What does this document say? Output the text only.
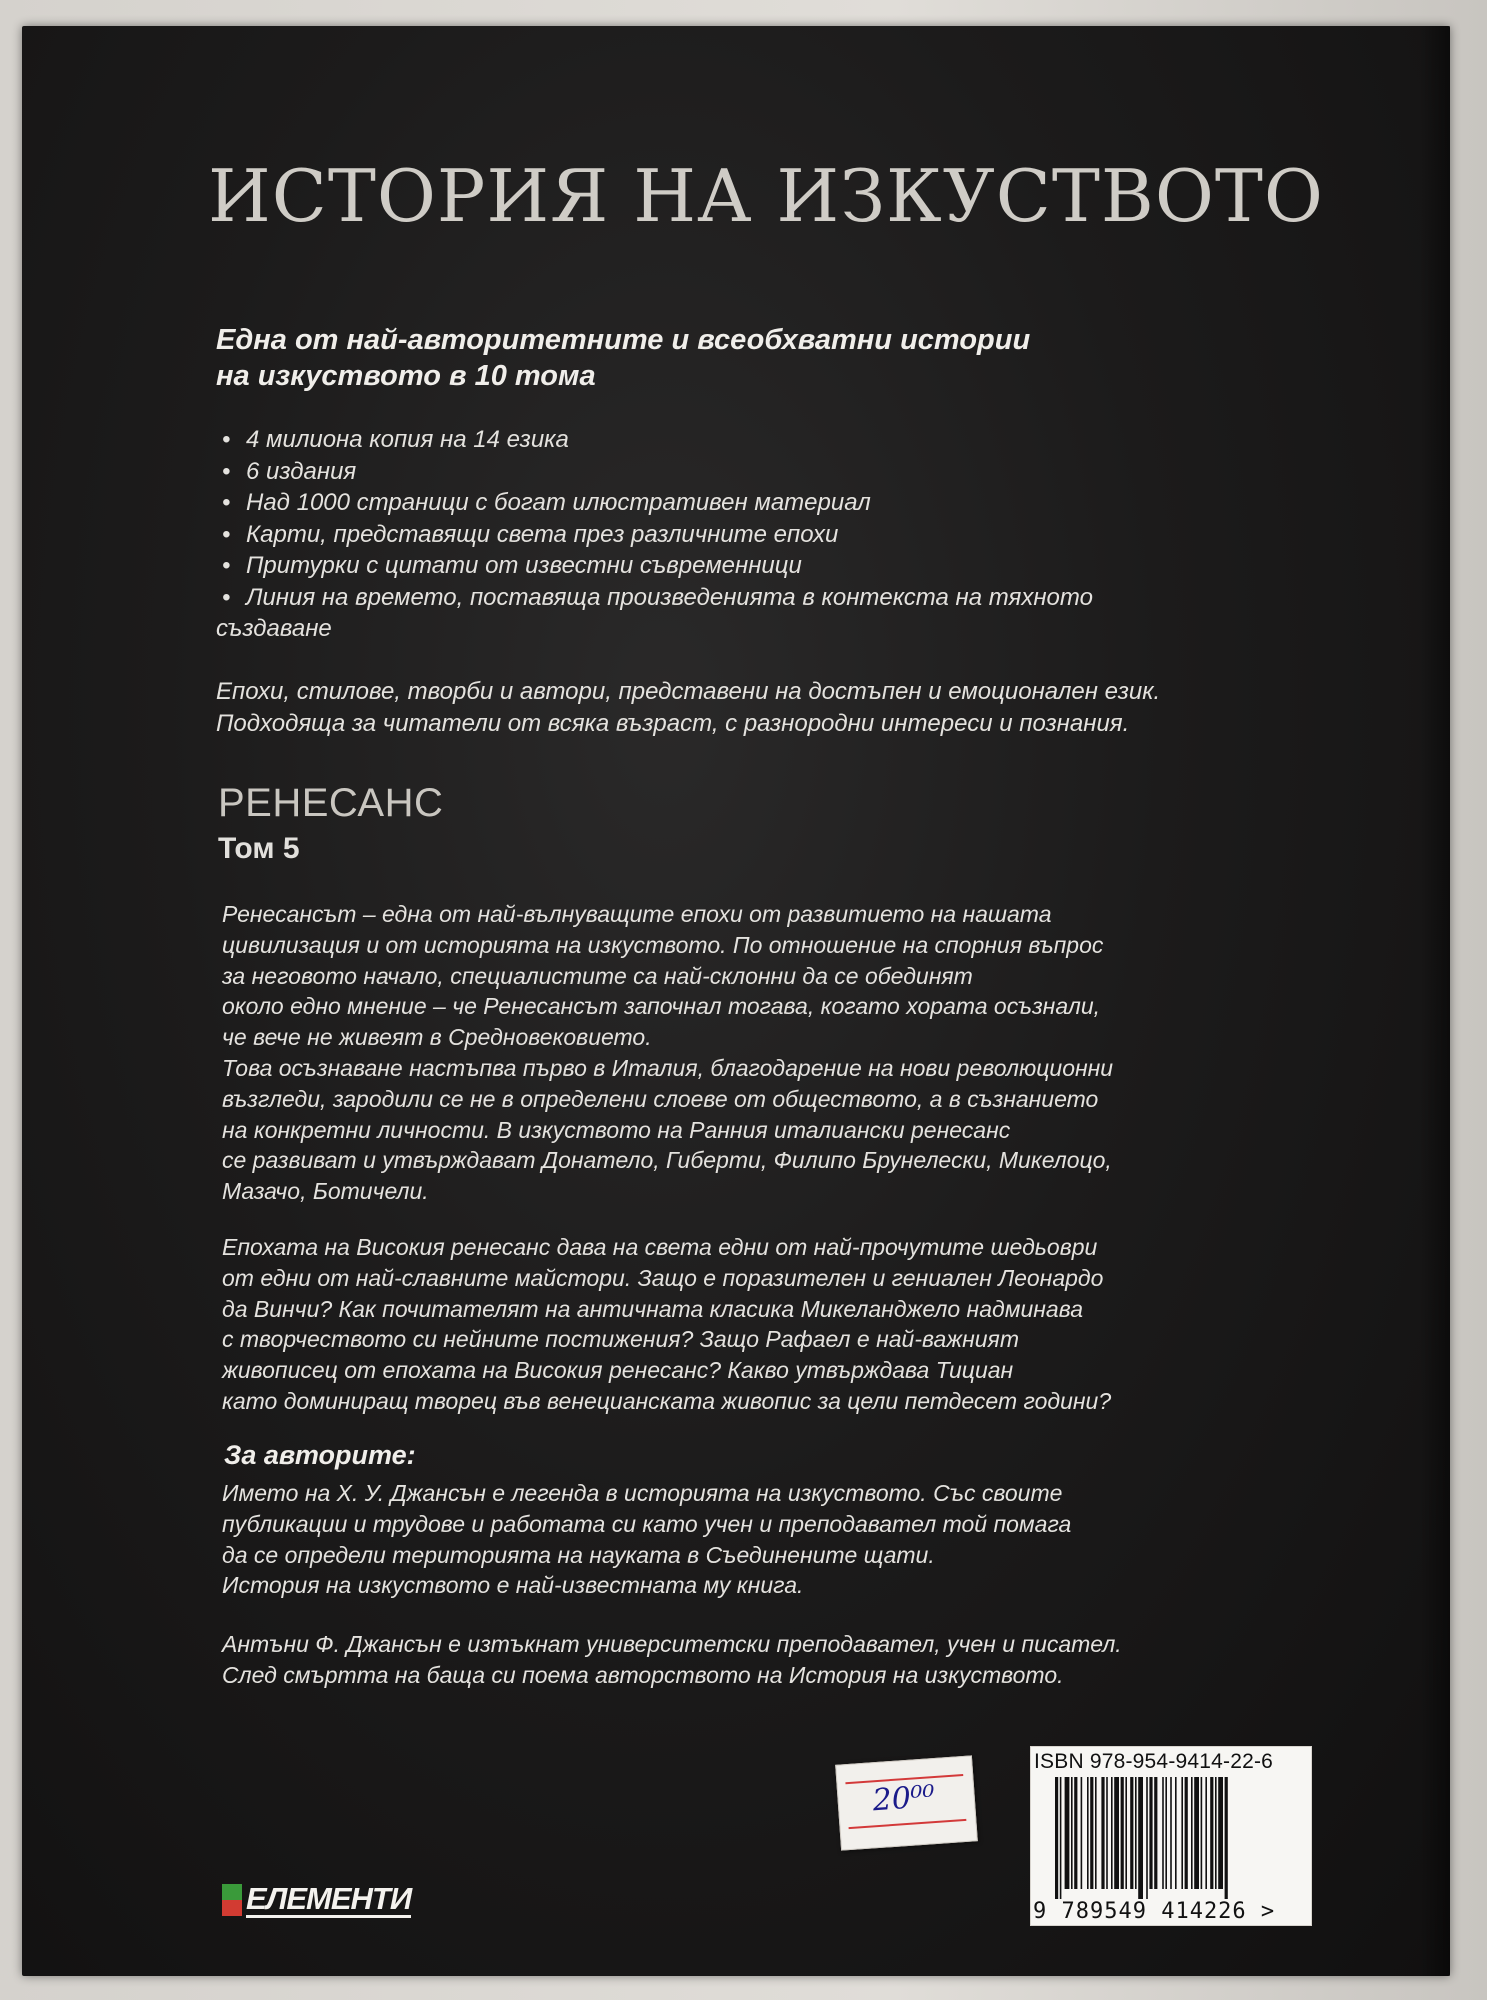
ИСТОРИЯ НА ИЗКУСТВОТО

Една от най-авторитетните и всеобхватни истории
на изкуството в 10 тома

• 4 милиона копия на 14 езика
• 6 издания
• Над 1000 страници с богат илюстративен материал
• Карти, представящи света през различните епохи
• Притурки с цитати от известни съвременници
• Линия на времето, поставяща произведенията в контекста на тяхното
създаване

Епохи, стилове, творби и автори, представени на достъпен и емоционален език.
Подходяща за читатели от всяка възраст, с разнородни интереси и познания.

РЕНЕСАНС
Том 5

Ренесансът – една от най-вълнуващите епохи от развитието на нашата
цивилизация и от историята на изкуството. По отношение на спорния въпрос
за неговото начало, специалистите са най-склонни да се обединят
около едно мнение – че Ренесансът започнал тогава, когато хората осъзнали,
че вече не живеят в Средновековието.
Това осъзнаване настъпва първо в Италия, благодарение на нови революционни
възгледи, зародили се не в определени слоеве от обществото, а в съзнанието
на конкретни личности. В изкуството на Ранния италиански ренесанс
се развиват и утвърждават Донатело, Гиберти, Филипо Брунелески, Микелоцо,
Мазачо, Ботичели.

Епохата на Високия ренесанс дава на света едни от най-прочутите шедьоври
от едни от най-славните майстори. Защо е поразителен и гениален Леонардо
да Винчи? Как почитателят на античната класика Микеланджело надминава
с творчеството си нейните постижения? Защо Рафаел е най-важният
живописец от епохата на Високия ренесанс? Какво утвърждава Тициан
като доминиращ творец във венецианската живопис за цели петдесет години?

За авторите:

Името на Х. У. Джансън е легенда в историята на изкуството. Със своите
публикации и трудове и работата си като учен и преподавател той помага
да се определи територията на науката в Съединените щати.
История на изкуството е най-известната му книга.

Антъни Ф. Джансън е изтъкнат университетски преподавател, учен и писател.
След смъртта на баща си поема авторството на История на изкуството.

ЕЛЕМЕНТИ
20⁰⁰
ISBN 978-954-9414-22-6
9 789549 414226 >
